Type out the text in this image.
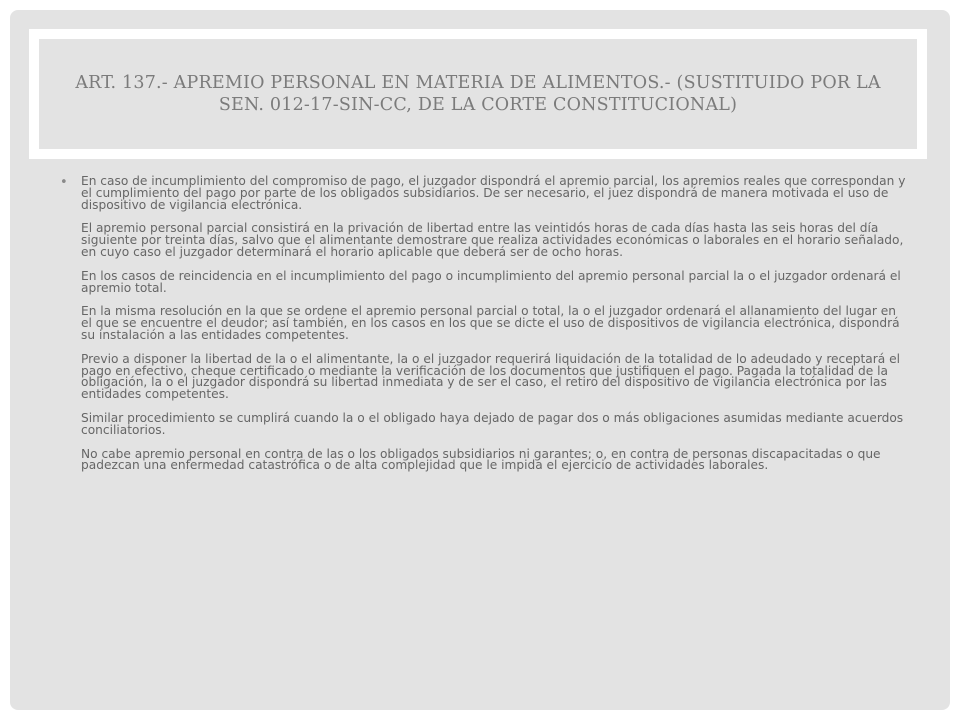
ART. 137.- APREMIO PERSONAL EN MATERIA DE ALIMENTOS.- (SUSTITUIDO POR LA SEN. 012-17-SIN-CC, DE LA CORTE CONSTITUCIONAL)
• En caso de incumplimiento del compromiso de pago, el juzgador dispondrá el apremio parcial, los apremios reales que correspondan y el cumplimiento del pago por parte de los obligados subsidiarios. De ser necesario, el juez dispondrá de manera motivada el uso de dispositivo de vigilancia electrónica.

El apremio personal parcial consistirá en la privación de libertad entre las veintidós horas de cada días hasta las seis horas del día siguiente por treinta días, salvo que el alimentante demostrare que realiza actividades económicas o laborales en el horario señalado, en cuyo caso el juzgador determinará el horario aplicable que deberá ser de ocho horas.

En los casos de reincidencia en el incumplimiento del pago o incumplimiento del apremio personal parcial la o el juzgador ordenará el apremio total.

En la misma resolución en la que se ordene el apremio personal parcial o total, la o el juzgador ordenará el allanamiento del lugar en el que se encuentre el deudor; así también, en los casos en los que se dicte el uso de dispositivos de vigilancia electrónica, dispondrá su instalación a las entidades competentes.

Previo a disponer la libertad de la o el alimentante, la o el juzgador requerirá liquidación de la totalidad de lo adeudado y receptará el pago en efectivo, cheque certificado o mediante la verificación de los documentos que justifiquen el pago. Pagada la totalidad de la obligación, la o el juzgador dispondrá su libertad inmediata y de ser el caso, el retiro del dispositivo de vigilancia electrónica por las entidades competentes.

Similar procedimiento se cumplirá cuando la o el obligado haya dejado de pagar dos o más obligaciones asumidas mediante acuerdos conciliatorios.

No cabe apremio personal en contra de las o los obligados subsidiarios ni garantes; o, en contra de personas discapacitadas o que padezcan una enfermedad catastrófica o de alta complejidad que le impida el ejercicio de actividades laborales.
